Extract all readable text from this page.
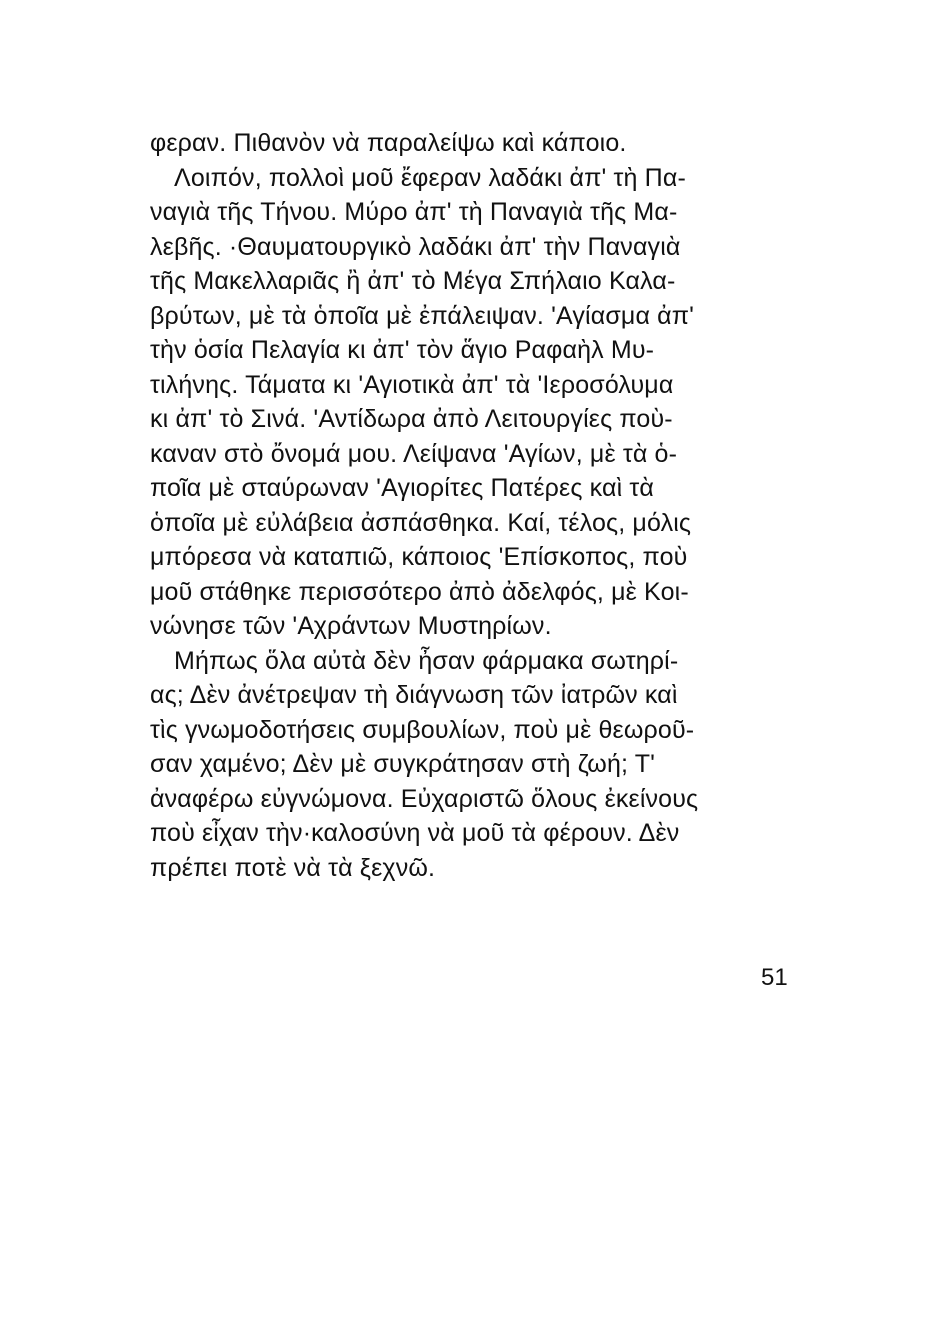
φεραν. Πιθανὸν νὰ παραλείψω καὶ κάποιο.
Λοιπόν, πολλοὶ μοῦ ἔφεραν λαδάκι ἀπ' τὴ Πα-
ναγιὰ τῆς Τήνου. Μύρο ἀπ' τὴ Παναγιὰ τῆς Μα-
λεβῆς. ·Θαυματουργικὸ λαδάκι ἀπ' τὴν Παναγιὰ
τῆς Μακελλαριᾶς ἢ ἀπ' τὸ Μέγα Σπήλαιο Καλα-
βρύτων, μὲ τὰ ὁποῖα μὲ ἐπάλειψαν. 'Αγίασμα ἀπ'
τὴν ὁσία Πελαγία κι ἀπ' τὸν ἅγιο Ραφαὴλ Μυ-
τιλήνης. Τάματα κι 'Αγιοτικὰ ἀπ' τὰ 'Ιεροσόλυμα
κι ἀπ' τὸ Σινά. 'Αντίδωρα ἀπὸ Λειτουργίες ποὺ-
καναν στὸ ὄνομά μου. Λείψανα 'Αγίων, μὲ τὰ ὁ-
ποῖα μὲ σταύρωναν 'Αγιορίτες Πατέρες καὶ τὰ
ὁποῖα μὲ εὐλάβεια ἀσπάσθηκα. Καί, τέλος, μόλις
μπόρεσα νὰ καταπιῶ, κάποιος 'Επίσκοπος, ποὺ
μοῦ στάθηκε περισσότερο ἀπὸ ἀδελφός, μὲ Κοι-
νώνησε τῶν 'Αχράντων Μυστηρίων.
Μήπως ὅλα αὐτὰ δὲν ἦσαν φάρμακα σωτηρί-
ας; Δὲν ἀνέτρεψαν τὴ διάγνωση τῶν ἰατρῶν καὶ
τὶς γνωμοδοτήσεις συμβουλίων, ποὺ μὲ θεωροῦ-
σαν χαμένο; Δὲν μὲ συγκράτησαν στὴ ζωή; Τ'
ἀναφέρω εὐγνώμονα. Εὐχαριστῶ ὅλους ἐκείνους
ποὺ εἶχαν τὴν·καλοσύνη νὰ μοῦ τὰ φέρουν. Δὲν
πρέπει ποτὲ νὰ τὰ ξεχνῶ.
51
